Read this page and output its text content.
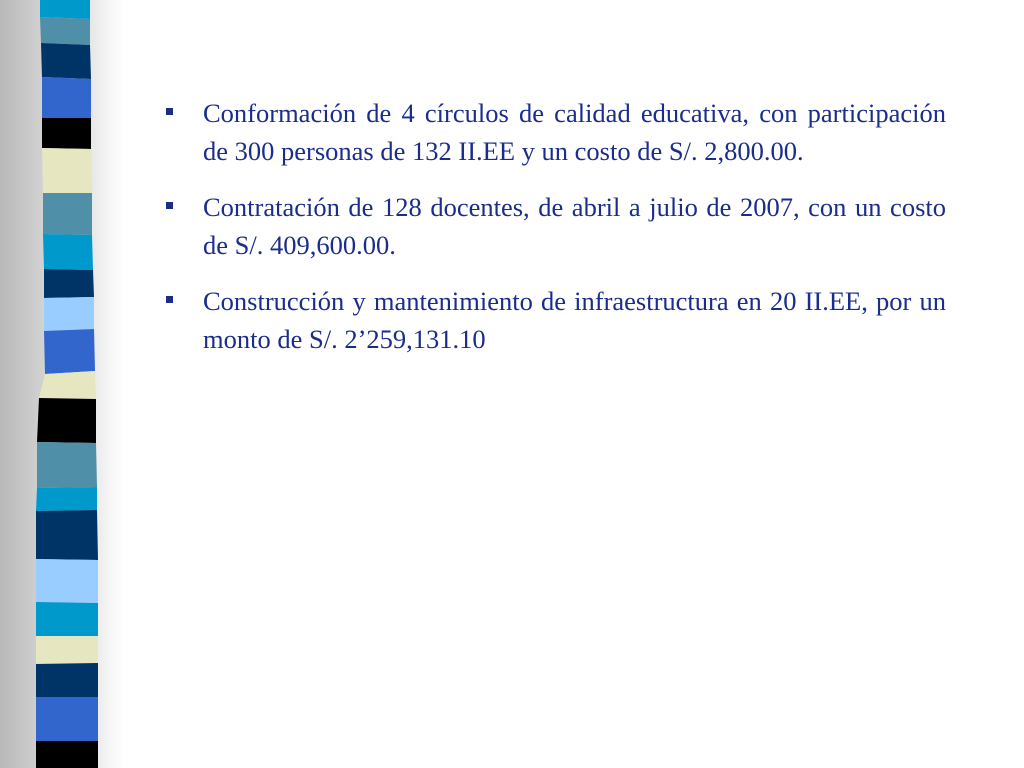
Conformación de 4 círculos de calidad educativa, con participación de 300 personas de 132 II.EE y un costo de S/. 2,800.00.
Contratación de 128 docentes, de abril a julio de 2007, con un costo de S/. 409,600.00.
Construcción y mantenimiento de infraestructura en 20 II.EE, por un monto de S/. 2’259,131.10
